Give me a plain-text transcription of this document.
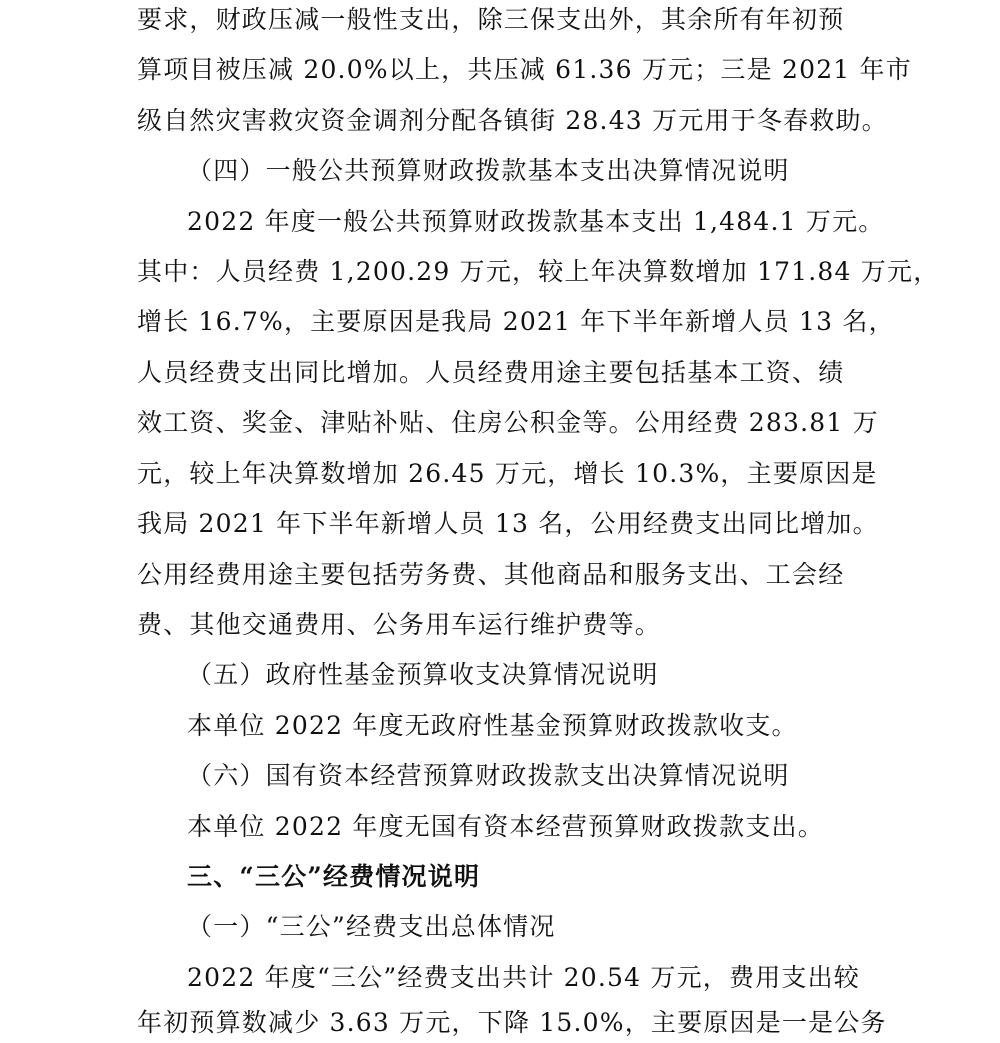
要求，财政压减一般性支出，除三保支出外，其余所有年初预
算项目被压减 20.0%以上，共压减 61.36 万元；三是 2021 年市
级自然灾害救灾资金调剂分配各镇街 28.43 万元用于冬春救助。
（四）一般公共预算财政拨款基本支出决算情况说明
2022 年度一般公共预算财政拨款基本支出 1,484.1 万元。
其中：人员经费 1,200.29 万元，较上年决算数增加 171.84 万元，
增长 16.7%，主要原因是我局 2021 年下半年新增人员 13 名，
人员经费支出同比增加。人员经费用途主要包括基本工资、绩
效工资、奖金、津贴补贴、住房公积金等。公用经费 283.81 万
元，较上年决算数增加 26.45 万元，增长 10.3%，主要原因是
我局 2021 年下半年新增人员 13 名，公用经费支出同比增加。
公用经费用途主要包括劳务费、其他商品和服务支出、工会经
费、其他交通费用、公务用车运行维护费等。
（五）政府性基金预算收支决算情况说明
本单位 2022 年度无政府性基金预算财政拨款收支。
（六）国有资本经营预算财政拨款支出决算情况说明
本单位 2022 年度无国有资本经营预算财政拨款支出。
三、“三公”经费情况说明
（一）“三公”经费支出总体情况
2022 年度“三公”经费支出共计 20.54 万元，费用支出较
年初预算数减少 3.63 万元，下降 15.0%，主要原因是一是公务
